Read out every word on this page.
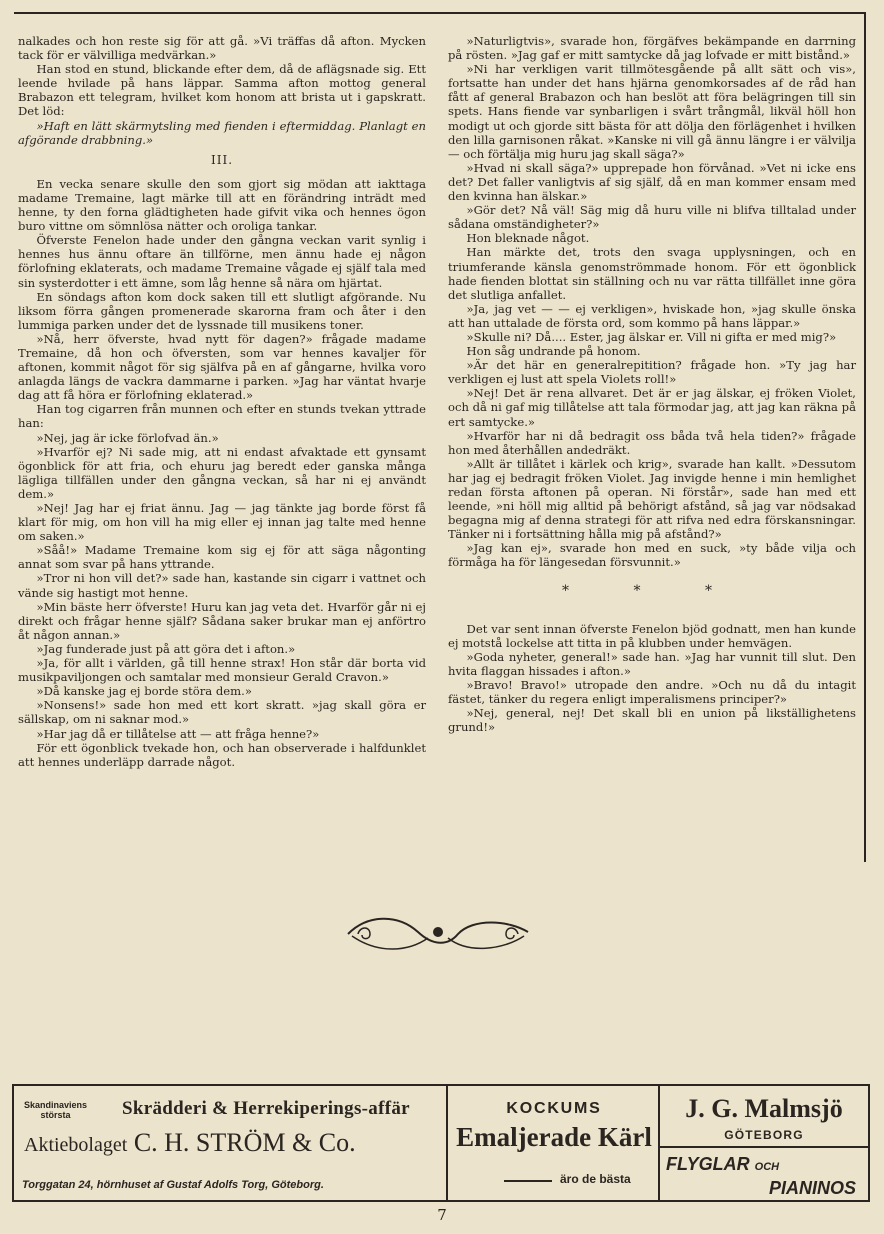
nalkades och hon reste sig för att gå. »Vi träffas då afton. Mycken tack för er välvilliga medvärkan.»

Han stod en stund, blickande efter dem, då de aflägsnade sig. Ett leende hvilade på hans läppar. Samma afton mottog general Brabazon ett telegram, hvilket kom honom att brista ut i gapskratt. Det löd:

»Haft en lätt skärmytsling med fienden i eftermiddag. Planlagt en afgörande drabbning.»

III.

En vecka senare skulle den som gjort sig mödan att iakttaga madame Tremaine, lagt märke till att en förändring inträdt med henne, ty den forna glädtigheten hade gifvit vika och hennes ögon buro vittne om sömnlösa nätter och oroliga tankar.

Öfverste Fenelon hade under den gångna veckan varit synlig i hennes hus ännu oftare än tillförne, men ännu hade ej någon förlofning eklaterats, och madame Tremaine vågade ej själf tala med sin systerdotter i ett ämne, som låg henne så nära om hjärtat.

En söndags afton kom dock saken till ett slutligt afgörande. Nu liksom förra gången promenerade skarorna fram och åter i den lummiga parken under det de lyssnade till musikens toner.

»Nå, herr öfverste, hvad nytt för dagen?» frågade madame Tremaine, då hon och öfversten, som var hennes kavaljer för aftonen, kommit något för sig själfva på en af gångarne, hvilka voro anlagda längs de vackra dammarne i parken. »Jag har väntat hvarje dag att få höra er förlofning eklaterad.»

Han tog cigarren från munnen och efter en stunds tvekan yttrade han:

»Nej, jag är icke förlofvad än.»

»Hvarför ej? Ni sade mig, att ni endast afvaktade ett gynsamt ögonblick för att fria, och ehuru jag beredt eder ganska många lägliga tillfällen under den gångna veckan, så har ni ej användt dem.»

»Nej! Jag har ej friat ännu. Jag — jag tänkte jag borde först få klart för mig, om hon vill ha mig eller ej innan jag talte med henne om saken.»

»Såå!» Madame Tremaine kom sig ej för att säga någonting annat som svar på hans yttrande.

»Tror ni hon vill det?» sade han, kastande sin cigarr i vattnet och vände sig hastigt mot henne.

»Min bäste herr öfverste! Huru kan jag veta det. Hvarför går ni ej direkt och frågar henne själf? Sådana saker brukar man ej anförtro åt någon annan.»

»Jag funderade just på att göra det i afton.»

»Ja, för allt i världen, gå till henne strax! Hon står där borta vid musikpaviljongen och samtalar med monsieur Gerald Cravon.»

»Då kanske jag ej borde störa dem.»

»Nonsens!» sade hon med ett kort skratt. »jag skall göra er sällskap, om ni saknar mod.»

»Har jag då er tillåtelse att — att fråga henne?»

För ett ögonblick tvekade hon, och han observerade i halfdunklet att hennes underläpp darrade något.

»Naturligtvis», svarade hon, förgäfves bekämpande en darrning på rösten. »Jag gaf er mitt samtycke då jag lofvade er mitt bistånd.»

»Ni har verkligen varit tillmötesgående på allt sätt och vis», fortsatte han under det hans hjärna genomkorsades af de råd han fått af general Brabazon och han beslöt att föra belägringen till sin spets. Hans fiende var synbarligen i svårt trångmål, likväl höll hon modigt ut och gjorde sitt bästa för att dölja den förlägenhet i hvilken den lilla garnisonen råkat. »Kanske ni vill gå ännu längre i er välvilja — och förtälja mig huru jag skall säga?»

»Hvad ni skall säga?» upprepade hon förvånad. »Vet ni icke ens det? Det faller vanligtvis af sig själf, då en man kommer ensam med den kvinna han älskar.»

»Gör det? Nå väl! Säg mig då huru ville ni blifva tilltalad under sådana omständigheter?»

Hon bleknade något.

Han märkte det, trots den svaga upplysningen, och en triumferande känsla genomströmmade honom. För ett ögonblick hade fienden blottat sin ställning och nu var rätta tillfället inne göra det slutliga anfallet.

»Ja, jag vet — — ej verkligen», hviskade hon, »jag skulle önska att han uttalade de första ord, som kommo på hans läppar.»

»Skulle ni? Då.... Ester, jag älskar er. Vill ni gifta er med mig?»

Hon såg undrande på honom.

»Är det här en generalrepitition? frågade hon. »Ty jag har verkligen ej lust att spela Violets roll!»

»Nej! Det är rena allvaret. Det är er jag älskar, ej fröken Violet, och då ni gaf mig tillåtelse att tala förmodar jag, att jag kan räkna på ert samtycke.»

»Hvarför har ni då bedragit oss båda två hela tiden?» frågade hon med återhållen andedräkt.

»Allt är tillåtet i kärlek och krig», svarade han kallt. »Dessutom har jag ej bedragit fröken Violet. Jag invigde henne i min hemlighet redan första aftonen på operan. Ni förstår», sade han med ett leende, »ni höll mig alltid på behörigt afstånd, så jag var nödsakad begagna mig af denna strategi för att rifva ned edra förskansningar. Tänker ni i fortsättning hålla mig på afstånd?»

»Jag kan ej», svarade hon med en suck, »ty både vilja och förmåga ha för längesedan försvunnit.»

* * *

Det var sent innan öfverste Fenelon bjöd godnatt, men han kunde ej motstå lockelse att titta in på klubben under hemvägen.

»Goda nyheter, general!» sade han. »Jag har vunnit till slut. Den hvita flaggan hissades i afton.»

»Bravo! Bravo!» utropade den andre. »Och nu då du intagit fästet, tänker du regera enligt imperalismens principer?»

»Nej, general, nej! Det skall bli en union på likställighetens grund!»

Skandinaviens
största	Skrädderi & Herrekiperings-affär
Aktiebolaget C. H. STRÖM & Co.
Torggatan 24, hörnhuset af Gustaf Adolfs Torg, Göteborg.
KOCKUMS
Emaljerade Kärl
äro de bästa
J. G. Malmsjö
GÖTEBORG
FLYGLAR OCH
PIANINOS
7
